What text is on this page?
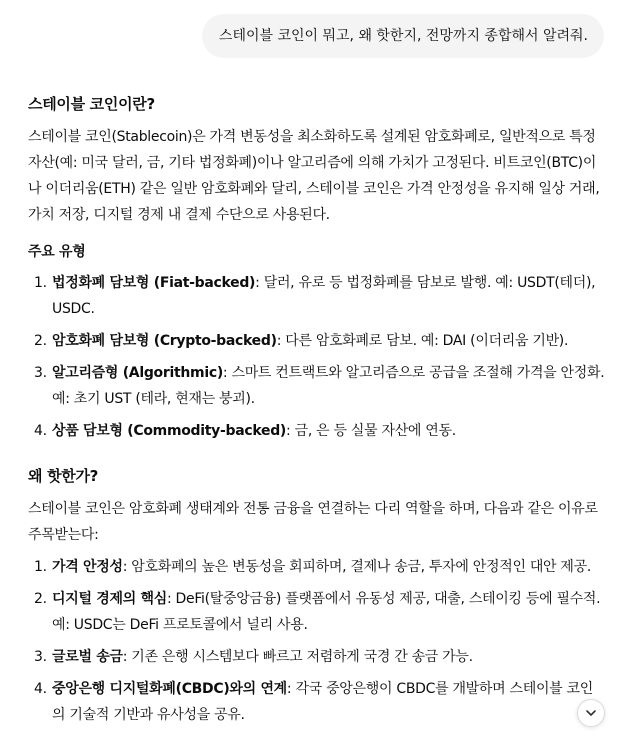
스테이블 코인이 뭐고, 왜 핫한지, 전망까지 종합해서 알려줘.
스테이블 코인이란?

스테이블 코인(Stablecoin)은 가격 변동성을 최소화하도록 설계된 암호화폐로, 일반적으로 특정 자산(예: 미국 달러, 금, 기타 법정화폐)이나 알고리즘에 의해 가치가 고정된다. 비트코인(BTC)이나 이더리움(ETH) 같은 일반 암호화폐와 달리, 스테이블 코인은 가격 안정성을 유지해 일상 거래, 가치 저장, 디지털 경제 내 결제 수단으로 사용된다.

주요 유형
1. 법정화폐 담보형 (Fiat-backed): 달러, 유로 등 법정화폐를 담보로 발행. 예: USDT(테더), USDC.
2. 암호화폐 담보형 (Crypto-backed): 다른 암호화폐로 담보. 예: DAI (이더리움 기반).
3. 알고리즘형 (Algorithmic): 스마트 컨트랙트와 알고리즘으로 공급을 조절해 가격을 안정화. 예: 초기 UST (테라, 현재는 붕괴).
4. 상품 담보형 (Commodity-backed): 금, 은 등 실물 자산에 연동.
왜 핫한가?

스테이블 코인은 암호화폐 생태계와 전통 금융을 연결하는 다리 역할을 하며, 다음과 같은 이유로 주목받는다:

1. 가격 안정성: 암호화폐의 높은 변동성을 회피하며, 결제나 송금, 투자에 안정적인 대안 제공.
2. 디지털 경제의 핵심: DeFi(탈중앙금융) 플랫폼에서 유동성 제공, 대출, 스테이킹 등에 필수적. 예: USDC는 DeFi 프로토콜에서 널리 사용.
3. 글로벌 송금: 기존 은행 시스템보다 빠르고 저렴하게 국경 간 송금 가능.
4. 중앙은행 디지털화폐(CBDC)와의 연계: 각국 중앙은행이 CBDC를 개발하며 스테이블 코인의 기술적 기반과 유사성을 공유.
